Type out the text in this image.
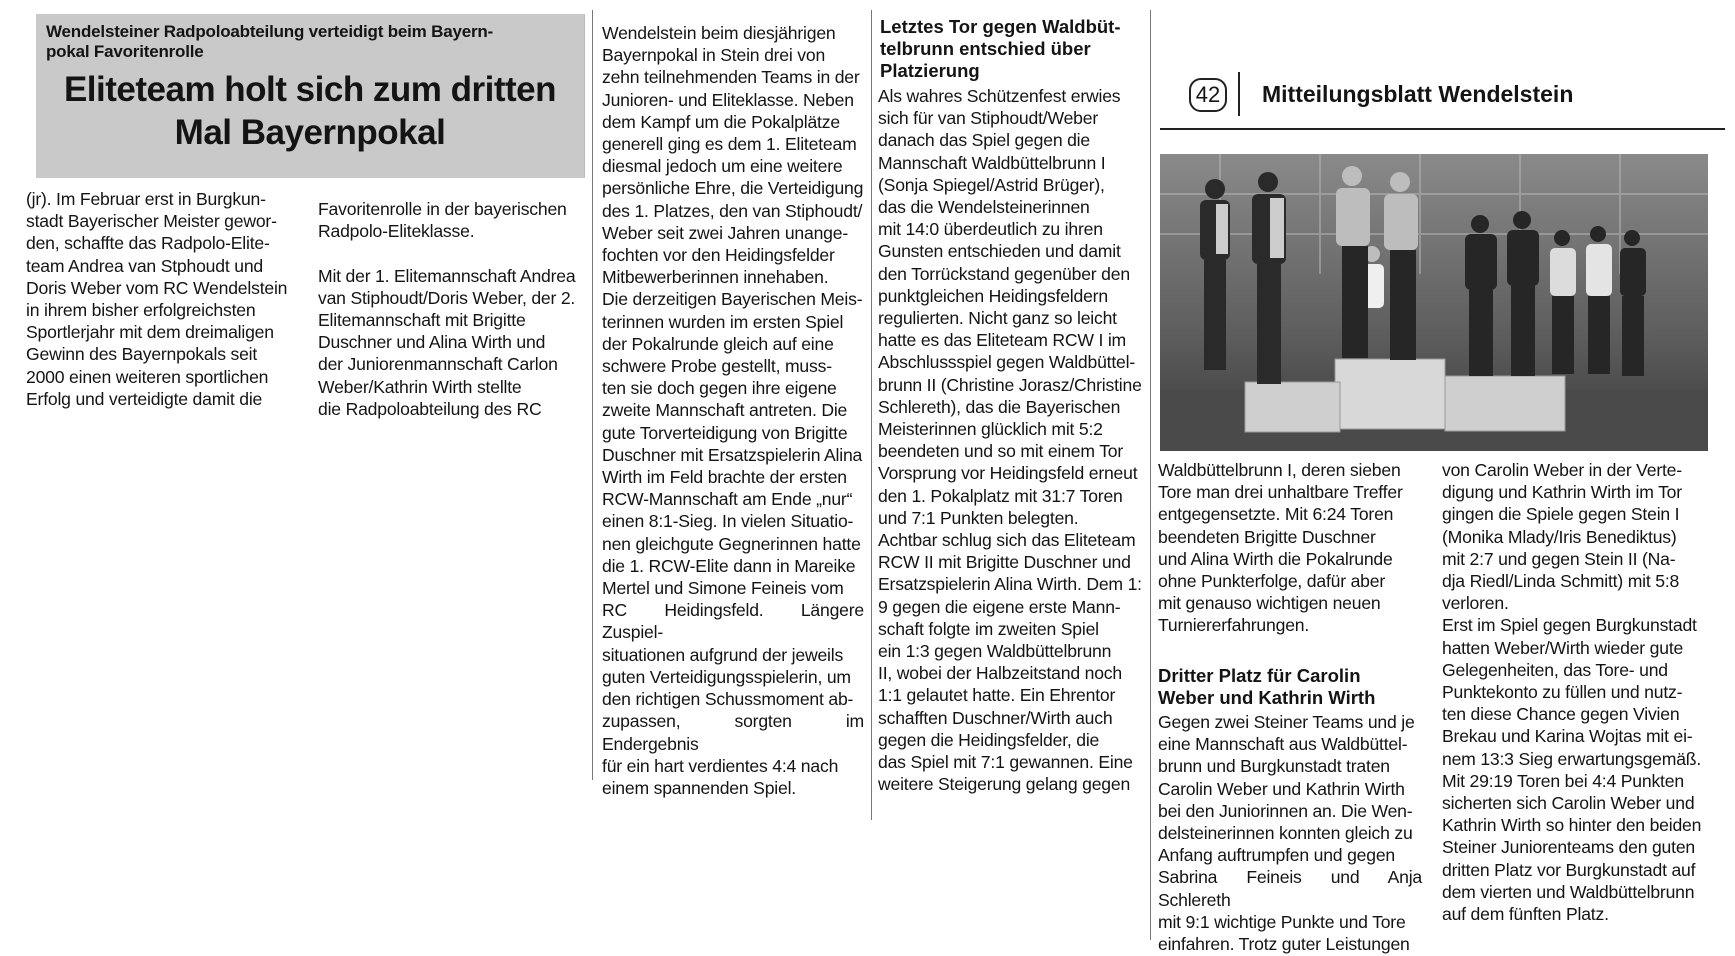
Wendelsteiner Radpoloabteilung verteidigt beim Bayern-
pokal Favoritenrolle
Eliteteam holt sich zum dritten
Mal Bayernpokal

(jr). Im Februar erst in Burgkun-
stadt Bayerischer Meister gewor-
den, schaffte das Radpolo-Elite-
team Andrea van Stphoudt und
Doris Weber vom RC Wendelstein
in ihrem bisher erfolgreichsten
Sportlerjahr mit dem dreimaligen
Gewinn des Bayernpokals seit
2000 einen weiteren sportlichen
Erfolg und verteidigte damit die

Favoritenrolle in der bayerischen
Radpolo-Eliteklasse.

Mit der 1. Elitemannschaft Andrea
van Stiphoudt/Doris Weber, der 2.
Elitemannschaft mit Brigitte
Duschner und Alina Wirth und
der Juniorenmannschaft Carlon
Weber/Kathrin Wirth stellte
die Radpoloabteilung des RC

Wendelstein beim diesjährigen
Bayernpokal in Stein drei von
zehn teilnehmenden Teams in der
Junioren- und Eliteklasse. Neben
dem Kampf um die Pokalplätze
generell ging es dem 1. Eliteteam
diesmal jedoch um eine weitere
persönliche Ehre, die Verteidigung
des 1. Platzes, den van Stiphoudt/
Weber seit zwei Jahren unange-
fochten vor den Heidingsfelder
Mitbewerberinnen innehaben.
Die derzeitigen Bayerischen Meis-
terinnen wurden im ersten Spiel
der Pokalrunde gleich auf eine
schwere Probe gestellt, muss-
ten sie doch gegen ihre eigene
zweite Mannschaft antreten. Die
gute Torverteidigung von Brigitte
Duschner mit Ersatzspielerin Alina
Wirth im Feld brachte der ersten
RCW-Mannschaft am Ende „nur“
einen 8:1-Sieg. In vielen Situatio-
nen gleichgute Gegnerinnen hatte
die 1. RCW-Elite dann in Mareike
Mertel und Simone Feineis vom
RC Heidingsfeld. Längere Zuspiel-
situationen aufgrund der jeweils
guten Verteidigungsspielerin, um
den richtigen Schussmoment ab-
zupassen, sorgten im Endergebnis
für ein hart verdientes 4:4 nach
einem spannenden Spiel.

Letztes Tor gegen Waldbüt-
telbrunn entschied über
Platzierung

Als wahres Schützenfest erwies
sich für van Stiphoudt/Weber
danach das Spiel gegen die
Mannschaft Waldbüttelbrunn I
(Sonja Spiegel/Astrid Brüger),
das die Wendelsteinerinnen
mit 14:0 überdeutlich zu ihren
Gunsten entschieden und damit
den Torrückstand gegenüber den
punktgleichen Heidingsfeldern
regulierten. Nicht ganz so leicht
hatte es das Eliteteam RCW I im
Abschlussspiel gegen Waldbüttel-
brunn II (Christine Jorasz/Christine
Schlereth), das die Bayerischen
Meisterinnen glücklich mit 5:2
beendeten und so mit einem Tor
Vorsprung vor Heidingsfeld erneut
den 1. Pokalplatz mit 31:7 Toren
und 7:1 Punkten belegten.
Achtbar schlug sich das Eliteteam
RCW II mit Brigitte Duschner und
Ersatzspielerin Alina Wirth. Dem 1:
9 gegen die eigene erste Mann-
schaft folgte im zweiten Spiel
ein 1:3 gegen Waldbüttelbrunn
II, wobei der Halbzeitstand noch
1:1 gelautet hatte. Ein Ehrentor
schafften Duschner/Wirth auch
gegen die Heidingsfelder, die
das Spiel mit 7:1 gewannen. Eine
weitere Steigerung gelang gegen

42 Mitteilungsblatt Wendelstein

Waldbüttelbrunn I, deren sieben
Tore man drei unhaltbare Treffer
entgegensetzte. Mit 6:24 Toren
beendeten Brigitte Duschner
und Alina Wirth die Pokalrunde
ohne Punkterfolge, dafür aber
mit genauso wichtigen neuen
Turniererfahrungen.

Dritter Platz für Carolin
Weber und Kathrin Wirth

Gegen zwei Steiner Teams und je
eine Mannschaft aus Waldbüttel-
brunn und Burgkunstadt traten
Carolin Weber und Kathrin Wirth
bei den Juniorinnen an. Die Wen-
delsteinerinnen konnten gleich zu
Anfang auftrumpfen und gegen
Sabrina Feineis und Anja Schlereth
mit 9:1 wichtige Punkte und Tore
einfahren. Trotz guter Leistungen

von Carolin Weber in der Verte-
digung und Kathrin Wirth im Tor
gingen die Spiele gegen Stein I
(Monika Mlady/Iris Benediktus)
mit 2:7 und gegen Stein II (Na-
dja Riedl/Linda Schmitt) mit 5:8
verloren.
Erst im Spiel gegen Burgkunstadt
hatten Weber/Wirth wieder gute
Gelegenheiten, das Tore- und
Punktekonto zu füllen und nutz-
ten diese Chance gegen Vivien
Brekau und Karina Wojtas mit ei-
nem 13:3 Sieg erwartungsgemäß.
Mit 29:19 Toren bei 4:4 Punkten
sicherten sich Carolin Weber und
Kathrin Wirth so hinter den beiden
Steiner Juniorenteams den guten
dritten Platz vor Burgkunstadt auf
dem vierten und Waldbüttelbrunn
auf dem fünften Platz.
